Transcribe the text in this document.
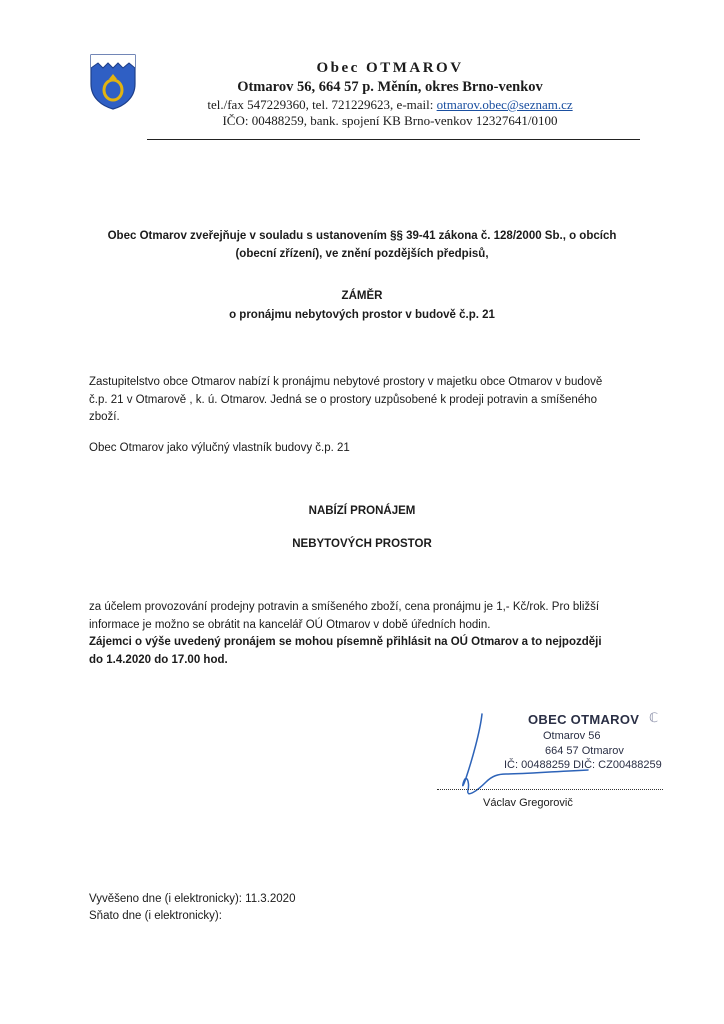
Obec OTMAROV
Otmarov 56, 664 57 p. Měnín, okres Brno-venkov
tel./fax 547229360, tel. 721229623, e-mail: otmarov.obec@seznam.cz
IČO: 00488259, bank. spojení KB Brno-venkov 12327641/0100
Obec Otmarov zveřejňuje v souladu s ustanovením §§ 39-41 zákona č. 128/2000 Sb., o obcích
(obecní zřízení), ve znění pozdějších předpisů,
ZÁMĚR
o pronájmu nebytových prostor v budově č.p. 21
Zastupitelstvo obce Otmarov nabízí k pronájmu nebytové prostory v majetku obce Otmarov v budově
č.p. 21 v Otmarově , k. ú. Otmarov. Jedná se o prostory uzpůsobené k prodeji potravin a smíšeného
zboží.
Obec Otmarov jako výlučný vlastník budovy č.p. 21
NABÍZÍ PRONÁJEM
NEBYTOVÝCH PROSTOR
za účelem provozování prodejny potravin a smíšeného zboží, cena pronájmu je 1,- Kč/rok. Pro bližší
informace je možno se obrátit na kancelář OÚ Otmarov v době úředních hodin.
Zájemci o výše uvedený pronájem se mohou písemně přihlásit na OÚ Otmarov a to nejpozději
do 1.4.2020 do 17.00 hod.
OBEC OTMAROV ℂ
Otmarov 56
664 57 Otmarov
IČ: 00488259 DIČ: CZ00488259
Václav Gregorovič
Vyvěšeno dne (i elektronicky): 11.3.2020
Sňato dne (i elektronicky):
